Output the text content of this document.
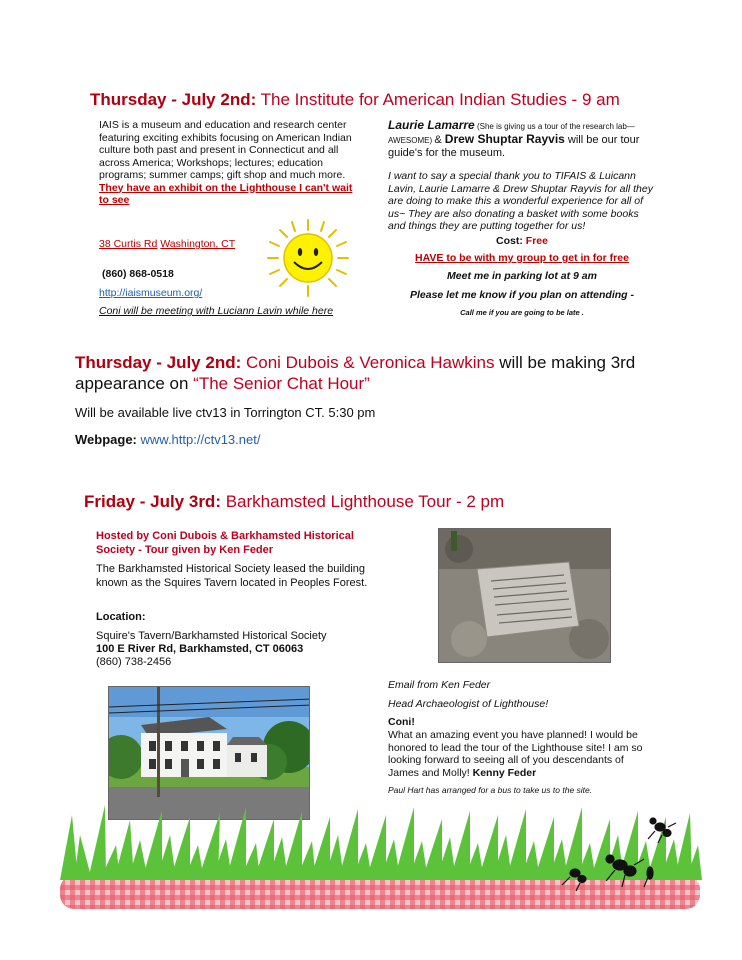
Thursday - July 2nd: The Institute for American Indian Studies - 9 am
IAIS is a museum and education and research center featuring exciting exhibits focusing on American Indian culture both past and present in Connecticut and all across America; Workshops; lectures; education programs; summer camps; gift shop and much more. They have an exhibit on the Lighthouse I can't wait to see
38 Curtis Rd Washington, CT
(860) 868-0518
http://iaismuseum.org/
Coni will be meeting with Luciann Lavin while here
Laurie Lamarre (She is giving us a tour of the research lab— AWESOME) & Drew Shuptar Rayvis will be our tour guide's for the museum.
I want to say a special thank you to TIFAIS & Luicann Lavin, Laurie Lamarre & Drew Shuptar Rayvis for all they are doing to make this a wonderful experience for all of us~ They are also donating a basket with some books and things they are putting together for us!
Cost: Free
HAVE to be with my group to get in for free
Meet me in parking lot at 9 am
Please let me know if you plan on attending -
Call me if you are going to be late .
Thursday - July 2nd: Coni Dubois & Veronica Hawkins will be making 3rd appearance on “The Senior Chat Hour”
Will be available live ctv13 in Torrington CT. 5:30 pm
Webpage: www.http://ctv13.net/
Friday - July 3rd: Barkhamsted Lighthouse Tour - 2 pm
Hosted by Coni Dubois & Barkhamsted Historical Society - Tour given by Ken Feder
The Barkhamsted Historical Society leased the building known as the Squires Tavern located in Peoples Forest.
Location:
Squire's Tavern/Barkhamsted Historical Society
100 E River Rd, Barkhamsted, CT 06063
(860) 738-2456
Email from Ken Feder
Head Archaeologist of Lighthouse!
Coni!
What an amazing event you have planned! I would be honored to lead the tour of the Lighthouse site! I am so looking forward to seeing all of you descendants of James and Molly! Kenny Feder
Paul Hart has arranged for a bus to take us to the site.
